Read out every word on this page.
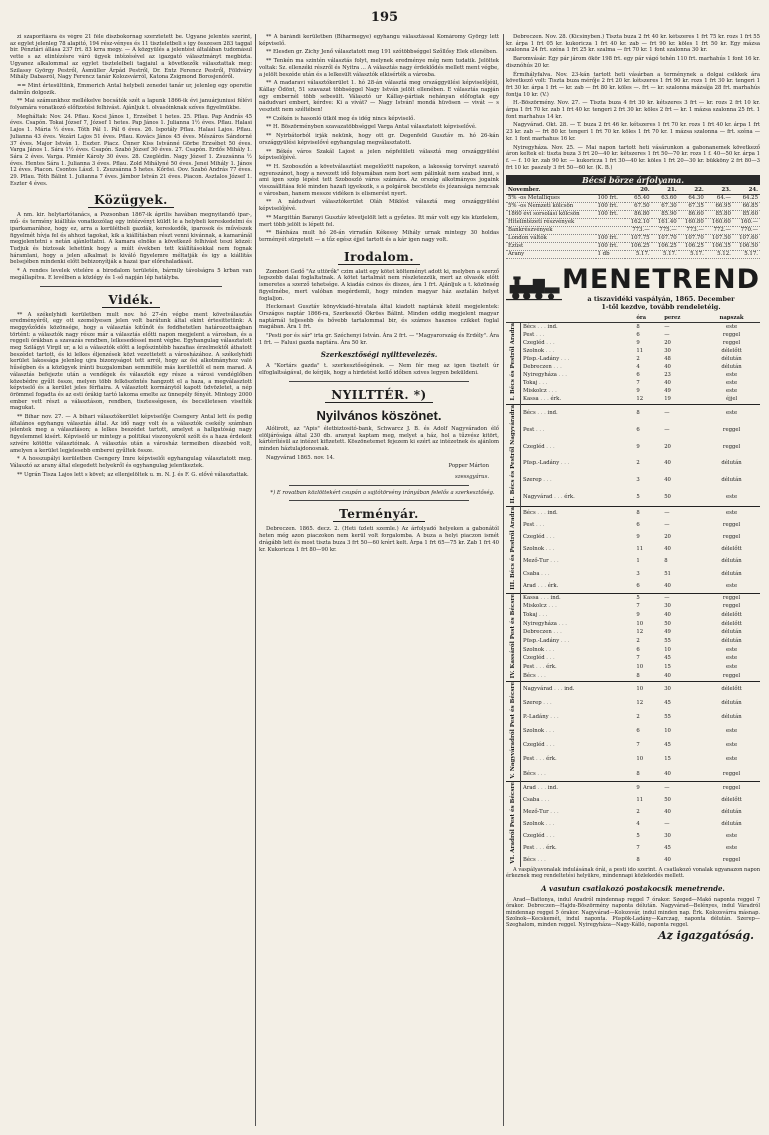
195

zi szaporitásra és végre 21 féle diszbokornag szerztetett be. Ugyane jelentés szerint, az egylet jelenleg 78 alapitó, 194 rész-vényes és 11 tiszteletbeli s igy összesen 283 taggal bir. Pénztári állása 237 frt. 83 krra megy. — A közgyülés a jelentést általában tudomásul vette s az elintézésre váró ügyek intézésével az igazgató választmányt megbizta. Ugyanez alkalommal az egylet tisztelelbeli tagjaiul a következők választattak meg: Szilassy György Pestről, Ásmüller Árpád Pestről, Dr. Entz Ferencz Pestről, Földváry Mihály Dabasról, Nagy Ferencz tanár Kolozsvárról, Katona Zsigmond Borosjenőről.

== Mint értesültünk, Emmerich Antal helybeli zenedei tanár ur, jelenleg egy operetie dalműn dolgozik.

** Mai számunkhoz mellékelve bocsátók szét a lapunk 1866-ik évi januárjuniusi félévi folyamára vonatkozó előfizetési felhivást. Ajánljuk t. olvasóinknak szíves figyelmükbe.

Megháltak: Nov. 24. Pflau. Kocsi János 1, Erzsébet 1 hetes. 25. Pflau. Pap András 45 éves. Csapón. Tokai József 7, József 1 hetes. Pap János 1. Julianna 1½ éves. Pflau. Halasi Lajos 1. Mária ½ éves. Tóth Pál 1. Pál 6 éves. 26. Ispotály Pflau. Halasi Lajos. Pflau. Julianna 43 éves. Vezári Lajos 51 éves. Pflau. Kovács János 45 éves. Mészáros Sándorné 37 éves. Major István 1. Eszter. Piacz. Ünner Kiss Istvánné Görbe Erzsébet 50 éves. Varga János 1. Sára 1½ éves. Csapón. Szabó József 30 éves. 27. Csapón. Erdős Mihály 1. Sára 2 éves. Varga. Pimiér Károly 30 éves. 28. Czeglédin. Nagy József 1. Zsuzsánna ½ éves. Hentes Sára 1. Julianna 3 éves. Pflau. Zold Mihályné 50 éves. Jenei Mihály 1. János 12 éves. Piacon. Csontos Lászl. 1. Zsuzsánna 5 hetes. Kőrösi. Oov. Szabó András 77 éves. 29. Pflau. Tóth Bálint 1. Julianna 7 éves. Jámbor István 21 éves. Piacon. Asztalos József 1. Eszter 4 éves.

Közügyek.

A nm. kir. helytartótanács, a Pozsonban 1867-ik április havában megnyitandó ipar-, mű- és termény kiállítás vonatkozólag egy intézvényt küldt le a helybeli kereskedelmi és iparkamarához, hogy ez, arra a kerülétbeli gazdák, kereskedők, iparosok és művészek figyelmét hívja fel és ahhozi tagokat, kik a kiállításban részt venni kivánnak, a kamaránál megjelentetni s netán ajánlottatni. A kamara elnöke a következő felhivást teszi közzé: Tudjuk és biztosak lehetünk hogy a múlt években tett kiállításokkal nem fognak háramlani, hogy a jelen alkalmat is kiváló figyelemre méltatják és igy a kiállitás belsejében mindenki előtt bebizonyítják a hazai ipar előrehaladását.

* A rendes levelek vitelére a birodalom területén, bármily távolságra 5 krban van megállapítva. E levélben a közlégy és 1-ső napján lép hatályba.

Vidék.

** A székelyhidi kerületben mult nov. hó 27-én végbe ment követválasztás eredményéről, egy ott személyesen jelen volt barátunk által ekint értesittetünk: A meggyőződés közönsége, hogy a választás kitűnőt és feddhetetlen határozottságban történt: a választók nagy része már a választás előtti napon megjelent a városban, és a reggeli órákban a szavazás rendben, lelkesedéssel ment végbe. Egyhangulag választatott meg Szilágyi Virgil ur, a ki a választók előtt a legőszintébb hazafias érzelmektől áthatott beszédet tartott, és ki lelkes éljenzések közt vezettetett a városházához. A székelyhidi kerület lakossága jelenleg ujra bizonyságot tett arról, hogy az ősi alkotmányhoz való hűségben és a közügyek iránti buzgalomban semmiféle más kerülettől el nem marad. A választás befejezte után a vendégek és választók egy része a városi vendéglőben közebédre gyűlt össze, melyen több felköszöntés hangzott el a haza, a megválasztott képviselő és a kerület jeles férfiaira. A választott kormánytól kapott üdvözletet, a nép örömmel fogadta és az esti órákig tartó lakoma emelte az ünnepély fényét. Mintegy 2000 ember vett részt a választáson, rendben, tisztességesen, és becsületesen viselték magukat.

** Bihar nov. 27. — A bihari választókerület képviselője Csengery Antal lett és pedig általános egyhangu választás által. Az idő nagy volt és a választók csekély számban jelentek meg a választáson; a lelkes beszédet tartott, amelyet a hallgatóság nagy figyelemmel kisért. Képviselő ur mintegy a politikai viszonyokról szólt és a haza érdekeit szivére kötötte választóinak. A választás után a városház termeiben díszebéd volt, amelyen a kerület legjelesebb emberei gyűltek össze.

* A hosszupályi kerületben Csengery Imre képviselői egyhangulag választatott meg. Választó az arany által elegedett helyekről és egyhangulag jelentkeztek.

** Ugrán Tisza Lajos lett s követ; az ellenjelöltek u. m. N. J. és F. G. elővé választattak.

** A bárándi kerületben (Biharmegye) egyhangu választással Komáromy György lett képviselő.

** Elesden gr. Zichy Jenő választatott meg 191 szótöbbséggel Szőllősy Elek ellenében.

** Tenkén ma szintén választás folyt, melynek eredménye még nem tudatik. Jelöltek voltak: Sz. ellenzéki részről és Nyitra ... A választás nagy érdeklődés mellett ment végbe, a jelölt beszéde után és a lelkesült választók elkisérték a városba.

** A madaravi választókerület 1. hó 28-án választá meg országgyülési képviselőjéül, Kállay Ödönt, 51 szavazat többséggel Nagy István jelölt ellenében. E választás napján egy embernél több sebesült. Választó ur Kállay-pártiak nehányan előfogtak egy nádudvari embert, kérdve: Ki a vivát? — Nagy István! mondá hüvösen — vivát — s vesztett nem széltében!

** Czékén is hasonló ütköl meg és idég nincs képviselő.

** H. Böszörményben szavazatöbbséggel Varga Antal választatott képviselővé.

** Nyirbátorból irják nekünk, hogy ott gr. Degenfeld Gusztáv m. hó 26-kán országgyülési képviselővé egyhangulag megválasztatott.

** Békés város Szakál Lajost a jelen népfelületi választá meg országgyülési képviselőjévé.

** H. Szoboszlón a követválasztást megelőzött napokon, a lakosság torvényt szavató egyenszánot, hogy a nevezett idő folyamában nem bort sem pálinkát nem szabad inni, s ami igen szép lépést tett Szoboszló város számára. Az ország alkotmányos jogaink visszaállitása felé minden hazafi igyekszik, s a polgárok becsülete és józansága nemcsak e városban, hanem messze vidéken is elismerést nyert.

** A nádudvari választókerület Oláh Miklóst választá meg országgyülési képviselőjévé.

** Margittán Baranyi Gusztáv követjelölt lett a győztes. Itt már volt egy kis küzdelem, mert több jelölt is lépett fel.

** Bánháza mult hó 26-án virradán Kékessy Mihály urnak mintegy 30 holdas terményét sürgetett — a tűz egész éjjel tartott és a kár igen nagy volt.

Irodalom.

Zombori Gedő "Az uttörők" czim alatt egy kötet költeményt adott ki, melyben a szerző legszebb dalai foglaltatnak. A kötet tartalmát nem részletezzük, mert az olvasók előtt ismeretes a szerző tehetsége. A kiadás csinos és diszes, ára 1 frt. Ajánljuk a t. közönség figyelmébe, mert valóban megérdemli, hogy minden magyar ház asztalán helyet foglaljon.

Heckenast Gusztáv könyvkiadó-hivatala által kiadott naptárak közül megjelentek: Országos naptár 1866-ra, Szerkesztő Ökröss Bálint. Minden eddig megjelent magyar naptárnál teljesebb és bővebb tartalommal bir, és számos hasznos czikket foglal magában. Ára 1 frt.

"Pesti por és sár" irta gr. Széchenyi István. Ára 2 frt. — "Magyarország és Erdély". Ára 1 frt. — Falusi gazda naptára. Ára 50 kr.

Szerkesztőségi nyilttevelezés.

A "Kortárs gazda" t. szerkesztőségének. — Nem fér meg az igen tisztelt úr elfoglaltságával, de kérjük, hogy a hirdetést kellő időben szives legyen beküldeni.

NYILTTÉR. *)
Nyilvános köszönet.

Alólirott, az "Apis" életbiztositó-bank, Schwarcz J. B. és Adolf Nagyváradon élő elöljárósága által 230 db. aranyat kaptam meg, melyet a ház, hol a tűzvész kitört, kártérítésül az intézet kifizetett. Köszönetemet fejezem ki ezért az intézetnek és ajánlom minden háztulajdonosnak.

Nagyvárad 1865. nov. 14.

Popper Márton
szessgyárus.

*) E rovatban közlöttekért csupán a sajtótörvény irányában felelős a szerkesztőség.

Terményár.

Debreczen. 1865. decz. 2. (Heti üzleti szemle.) Az árfolyadó helyeken a gabonától heten még azon piaczokon nem kerül volt forgalomba. A buza a helyi piaczon ismét drágább lett és most tiszta buza 3 frt 50—60 krért kelt. Árpa 1 frt 65—75 kr. Zab 1 frt 40 kr. Kukoricza 1 frt 80—90 kr.

Debreczen. Nov. 28. (Kicsinyben.) Tiszta buza 2 frt 40 kr. kétszeres 1 frt 75 kr. rozs 1 frt 55 kr. árpa 1 frt 05 kr. kukoricza 1 frt 40 kr. zab — frt 90 kr. köles 1 frt 50 kr. Egy mázsa szalonna 24 frt. széna 1 frt 25 kr. szalma — frt 70 kr. 1 font szalonna 30 kr.

Baromvásár. Egy pár járom ökör 198 frt. egy pár vágó tehén 110 frt. marhahús 1 font 16 kr. disznóhús 20 kr.

Érmihályfalva. Nov. 23-kán tartott heti vásárban a terménynek a dolgai csikkek ára következő volt: Tiszta buza mérője 2 frt 20 kr. kétszeres 1 frt 90 kr. rozs 1 frt 30 kr. tengeri 1 frt 30 kr. árpa 1 frt — kr. zab — frt 80 kr. köles —. frt — kr. szalonna mázsája 28 frt. marhahús fontja 10 kr. (V.)

H.-Böszörmény. Nov. 27. — Tiszta buza 4 frt 30 kr. kétszeres 3 frt — kr. rozs 2 frt 10 kr. árpa 1 frt 70 kr. zab 1 frt 40 kr. tengeri 2 frt 30 kr. köles 2 frt — kr. 1 mázsa szalonna 25 frt. 1 font marhahus 14 kr.

Nagyvárad. Okt. 28. — T. buza 2 frt 46 kr. kétszeres 1 frt 70 kr. rozs 1 frt 40 kr. árpa 1 frt 23 kr. zab — frt 80 kr. tengeri 1 frt 70 kr. köles 1 frt 70 kr. 1 mázsa szalonna — frt. széna — kr. 1 font marhahus 16 kr.

Nyiregyháza. Nov. 25. — Mai napon tartott heti vásárunkon a gabonanemek következő áron keltek el: tiszta buza 3 frt 20—40 kr. kétszeres 1 frt 50—70 kr. rozs 1 f. 40—50 kr. árpa 1 f. — f. 10 kr. zab 90 kr. — kukoricza 1 frt 30—40 kr. köles 1 frt 20—30 kr. bükköny 2 frt 80—3 frt 10 kr. paszuly 3 frt 50—60 kr. (K. B.)

Bécsi börze árfolyama.
November.		20.	21.	22.	23.	24.
5% -os Metalliques	100 frt.	65.40	63.60	64.30	64.—	64.25
5% -os Nemzeti kölcsön	100 frt.	67.50	67.30	67.35	66.95	66.85
1860 évi sorsolási kölcsön	100 frt.	86.80	85.90	86.60	85.80	85.60
Hitelintézeti részvények		162.10	161.40	160.80	160.60	160.—
Bankrészvények		773.—	775.—	773.—	772.—	770.—
London váltók	100 frt.	107.75	107.70	107.70	107.50	107.60
Ezüst	100 frt.	106.25	106.25	106.25	106.35	106.50
Arany	1 db	5.17.	5.17.	5.17.	5.12.	5.17.
MENETREND
a tiszavidéki vaspályán, 1865. December
1-től kezdve, tovább rendeletéig.
		óra	perez	napszak
I. Bécs és Pestről Aradra	Bécs . . . ind.	8	—	este
	Pest . . .	6	—	reggel
	Czegléd . . .	9	20	reggel
	Szolnok . . .	11	30	délelőtt
	Püsp.-Ladány . . .	2	48	délután
	Debreczen . . .	4	40	délután
	Nyiregyháza . . .	6	23	este
	Tokaj . . .	7	40	este
	Miskolcz . . .	9	49	este
	Kassa . . . érk.	12	19	éjjel
II. Bécs és Pestről Nagyváradra	Bécs . . . ind.	8	—	este
	Pest . . .	6	—	reggel
	Czegléd . . .	9	20	reggel
	Püsp.-Ladány . . .	2	40	délután
	Szerep . . .	3	40	délután
	Nagyvárad . . . érk.	5	50	este
III. Bécs és Pestről Aradra	Bécs . . . ind.	8	—	este
	Pest . . .	6	—	reggel
	Czegléd . . .	9	20	reggel
	Szolnok . . .	11	40	délelőtt
	Mező-Tur . . .	1	8	délután
	Csaba . . .	3	51	délután
	Arad . . . érk.	6	40	este
IV. Kassáról Pest és Bécsre	Kassa . . . ind.	5	—	reggel
	Miskolcz . . .	7	30	reggel
	Tokaj . . .	9	40	délelőtt
	Nyiregyháza . . .	10	50	délelőtt
	Debreczen . . .	12	49	délután
	Püsp.-Ladány . . .	2	55	délután
	Szolnok . . .	6	10	este
	Czegléd . . .	7	45	este
	Pest . . . érk.	10	15	este
	Bécs . . .	8	40	reggel
V. Nagyváradról Pest és Bécsre	Nagyvárad . . . ind.	10	30	délelőtt
	Szerep . . .	12	45	délután
	P.-Ladány . . .	2	55	délután
	Szolnok . . .	6	10	este
	Czegléd . . .	7	45	este
	Pest . . . érk.	10	15	este
	Bécs . . .	8	40	reggel
VI. Aradról Pest és Bécsre	Arad . . . ind.	9	—	reggel
	Csaba . . .	11	50	délelőtt
	Mező-Tur . . .	2	40	délután
	Szolnok . . .	4	—	délután
	Czegléd . . .	5	30	este
	Pest . . . érk.	7	45	este
	Bécs . . .	8	40	reggel

A vaspályavonalak indulásának órái, a pesti ido szerint. A csatlakozó vonalak ugyanazon napon érkeznek meg rendeltetési helyükre, mindennapi közlekedés mellett.

A vasutun csatlakozó postakocsik menetrende.

Arad—Battonya, indul Aradról mindennap reggel 7 órakor. Szeged—Makó naponta reggel 7 órakor. Debreczen—Hajdu-Böszörmény naponta délután. Nagyvárad—Belényes, indul Váradról mindennap reggel 5 órakor. Nagyvárad—Kolozsvár, indul minden nap. Érk. Kolozsvárra másnap. Szolnok—Kecskemét, indul naponta. Püspök-Ladány—Karczag, naponta délután. Szerep—Szeghalom, minden reggel. Nyiregyháza—Nagy-Kálló, naponta reggel.

Az igazgatóság.
